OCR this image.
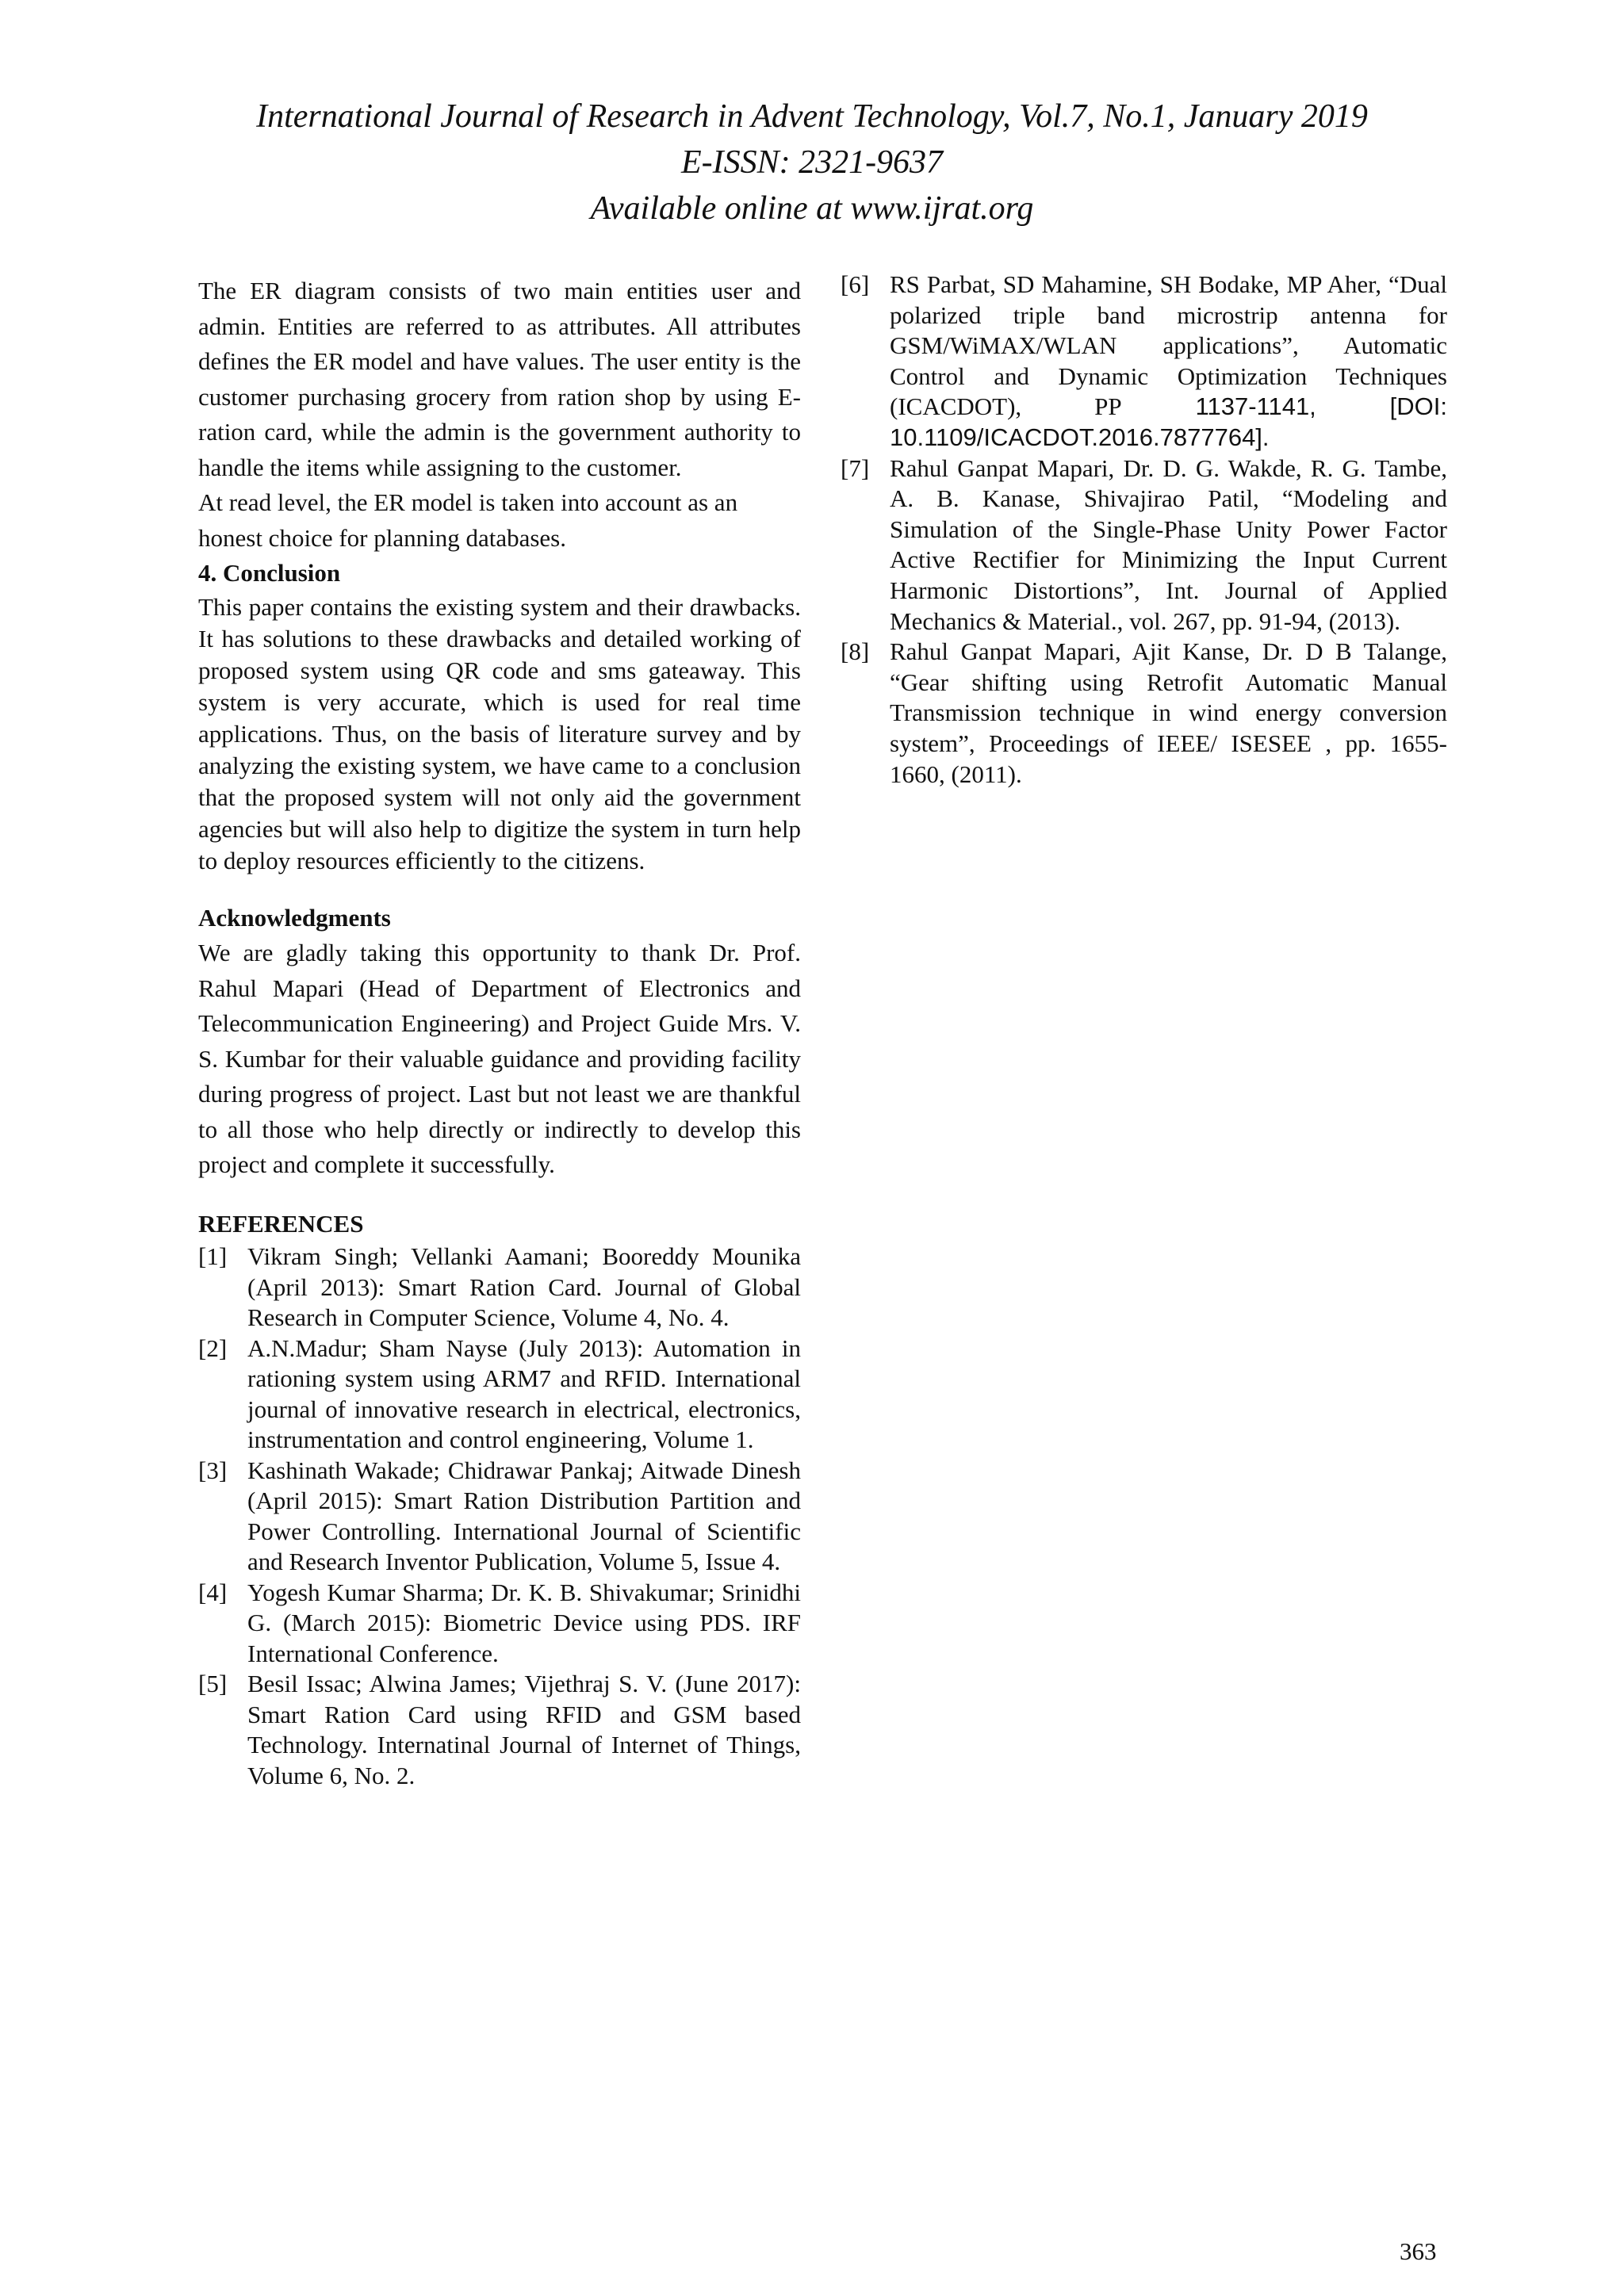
International Journal of Research in Advent Technology, Vol.7, No.1, January 2019
E-ISSN: 2321-9637
Available online at www.ijrat.org

The ER diagram consists of two main entities user and admin. Entities are referred to as attributes. All attributes defines the ER model and have values. The user entity is the customer purchasing grocery from ration shop by using E-ration card, while the admin is the government authority to handle the items while assigning to the customer.

At read level, the ER model is taken into account as an honest choice for planning databases.

4. Conclusion

This paper contains the existing system and their drawbacks. It has solutions to these drawbacks and detailed working of proposed system using QR code and sms gateaway. This system is very accurate, which is used for real time applications. Thus, on the basis of literature survey and by analyzing the existing system, we have came to a conclusion that the proposed system will not only aid the government agencies but will also help to digitize the system in turn help to deploy resources efficiently to the citizens.

Acknowledgments

We are gladly taking this opportunity to thank Dr. Prof. Rahul Mapari (Head of Department of Electronics and Telecommunication Engineering) and Project Guide Mrs. V. S. Kumbar for their valuable guidance and providing facility during progress of project. Last but not least we are thankful to all those who help directly or indirectly to develop this project and complete it successfully.

REFERENCES

[1] Vikram Singh; Vellanki Aamani; Booreddy Mounika (April 2013): Smart Ration Card. Journal of Global Research in Computer Science, Volume 4, No. 4.
[2] A.N.Madur; Sham Nayse (July 2013): Automation in rationing system using ARM7 and RFID. International journal of innovative research in electrical, electronics, instrumentation and control engineering, Volume 1.
[3] Kashinath Wakade; Chidrawar Pankaj; Aitwade Dinesh (April 2015): Smart Ration Distribution Partition and Power Controlling. International Journal of Scientific and Research Inventor Publication, Volume 5, Issue 4.
[4] Yogesh Kumar Sharma; Dr. K. B. Shivakumar; Srinidhi G. (March 2015): Biometric Device using PDS. IRF International Conference.
[5] Besil Issac; Alwina James; Vijethraj S. V. (June 2017): Smart Ration Card using RFID and GSM based Technology. Internatinal Journal of Internet of Things, Volume 6, No. 2.
[6] RS Parbat, SD Mahamine, SH Bodake, MP Aher, “Dual polarized triple band microstrip antenna for GSM/WiMAX/WLAN applications”, Automatic Control and Dynamic Optimization Techniques (ICACDOT), PP 1137-1141, [DOI: 10.1109/ICACDOT.2016.7877764].
[7] Rahul Ganpat Mapari, Dr. D. G. Wakde, R. G. Tambe, A. B. Kanase, Shivajirao Patil, “Modeling and Simulation of the Single-Phase Unity Power Factor Active Rectifier for Minimizing the Input Current Harmonic Distortions”, Int. Journal of Applied Mechanics & Material., vol. 267, pp. 91-94, (2013).
[8] Rahul Ganpat Mapari, Ajit Kanse, Dr. D B Talange, “Gear shifting using Retrofit Automatic Manual Transmission technique in wind energy conversion system”, Proceedings of IEEE/ ISESEE , pp. 1655-1660, (2011).
363
